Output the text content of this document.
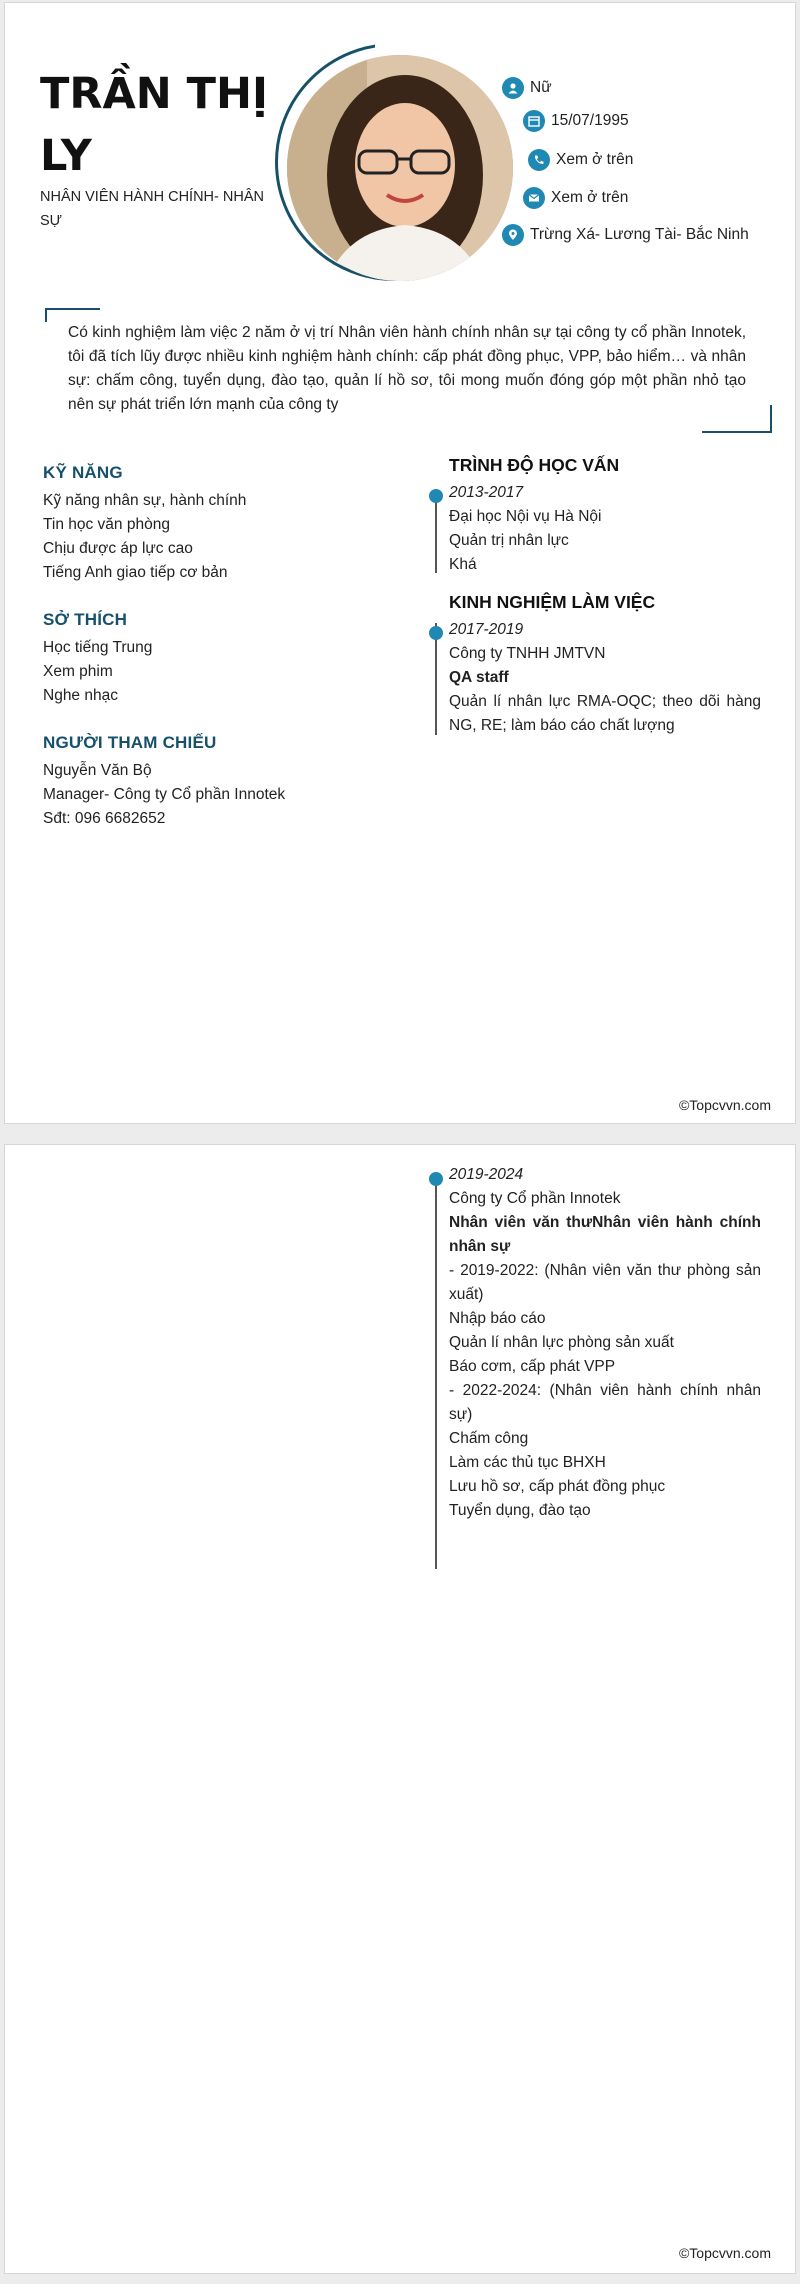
TRẦN THỊ LY
NHÂN VIÊN HÀNH CHÍNH- NHÂN SỰ
Nữ
15/07/1995
Xem ở trên
Xem ở trên
Trừng Xá- Lương Tài- Bắc Ninh
Có kinh nghiệm làm việc 2 năm ở vị trí Nhân viên hành chính nhân sự tại công ty cổ phần Innotek, tôi đã tích lũy được nhiều kinh nghiệm hành chính: cấp phát đồng phục, VPP, bảo hiểm… và nhân sự: chấm công, tuyển dụng, đào tạo, quản lí hồ sơ, tôi mong muốn đóng góp một phần nhỏ tạo nên sự phát triển lớn mạnh của công ty
KỸ NĂNG
Kỹ năng nhân sự, hành chính
Tin học văn phòng
Chịu được áp lực cao
Tiếng Anh giao tiếp cơ bản
SỞ THÍCH
Học tiếng Trung
Xem phim
Nghe nhạc
NGƯỜI THAM CHIẾU
Nguyễn Văn Bộ
Manager- Công ty Cổ phần Innotek
Sđt: 096 6682652
TRÌNH ĐỘ HỌC VẤN
2013-2017
Đại học Nội vụ Hà Nội
Quản trị nhân lực
Khá
KINH NGHIỆM LÀM VIỆC
2017-2019
Công ty TNHH JMTVN
QA staff
Quản lí nhân lực RMA-OQC; theo dõi hàng NG, RE; làm báo cáo chất lượng
©Topcvvn.com
2019-2024
Công ty Cổ phần Innotek
Nhân viên văn thưNhân viên hành chính nhân sự
- 2019-2022: (Nhân viên văn thư phòng sản xuất)
Nhập báo cáo
Quản lí nhân lực phòng sản xuất
Báo cơm, cấp phát VPP
- 2022-2024: (Nhân viên hành chính nhân sự)
Chấm công
Làm các thủ tục BHXH
Lưu hồ sơ, cấp phát đồng phục
Tuyển dụng, đào tạo
©Topcvvn.com
